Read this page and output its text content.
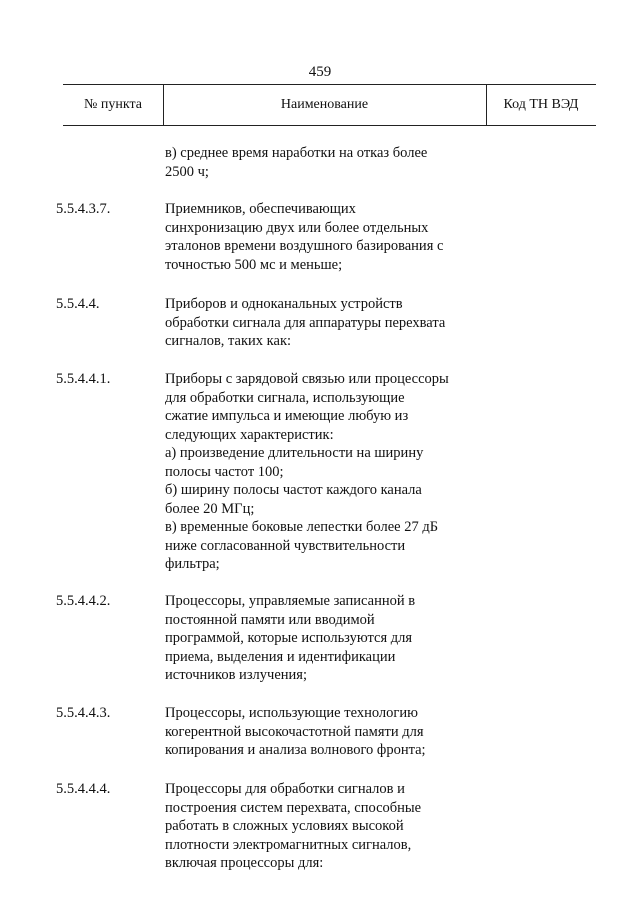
459
№ пункта	Наименование	Код ТН ВЭД

в) среднее время наработки на отказ более

2500 ч;

5.5.4.3.7.	Приемников, обеспечивающих

синхронизацию двух или более отдельных

эталонов времени воздушного базирования с

точностью 500 мс и меньше;

5.5.4.4.	Приборов и одноканальных устройств

обработки сигнала для аппаратуры перехвата

сигналов, таких как:

5.5.4.4.1.	Приборы с зарядовой связью или процессоры

для обработки сигнала, использующие

сжатие импульса и имеющие любую из

следующих характеристик:

а) произведение длительности на ширину

полосы частот 100;

б) ширину полосы частот каждого канала

более 20 МГц;

в) временные боковые лепестки более 27 дБ

ниже согласованной чувствительности

фильтра;

5.5.4.4.2.	Процессоры, управляемые записанной в

постоянной памяти или вводимой

программой, которые используются для

приема, выделения и идентификации

источников излучения;

5.5.4.4.3.	Процессоры, использующие технологию

когерентной высокочастотной памяти для

копирования и анализа волнового фронта;

5.5.4.4.4.	Процессоры для обработки сигналов и

построения систем перехвата, способные

работать в сложных условиях высокой

плотности электромагнитных сигналов,

включая процессоры для:
